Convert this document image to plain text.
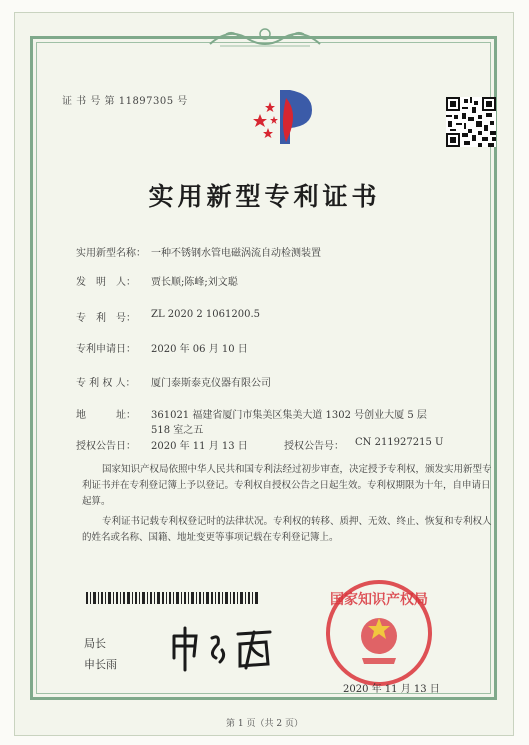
证 书 号 第 11897305 号
实用新型专利证书
实用新型名称： 一种不锈钢水管电磁涡流自动检测装置
发　明　人： 贾长顺;陈峰;刘文聪
专　利　号： ZL 2020 2 1061200.5
专利申请日： 2020 年 06 月 10 日
专 利 权 人： 厦门泰斯泰克仪器有限公司
地　　　址： 361021 福建省厦门市集美区集美大道 1302 号创业大厦 5 层
518 室之五
授权公告日： 2020 年 11 月 13 日	授权公告号： CN 211927215 U
国家知识产权局依照中华人民共和国专利法经过初步审查，决定授予专利权，颁发实用新型专利证书并在专利登记簿上予以登记。专利权自授权公告之日起生效。专利权期限为十年，自申请日起算。
专利证书记载专利权登记时的法律状况。专利权的转移、质押、无效、终止、恢复和专利权人的姓名或名称、国籍、地址变更等事项记载在专利登记簿上。
局长
申长雨
国家知识产权局
2020 年 11 月 13 日
第 1 页（共 2 页）
